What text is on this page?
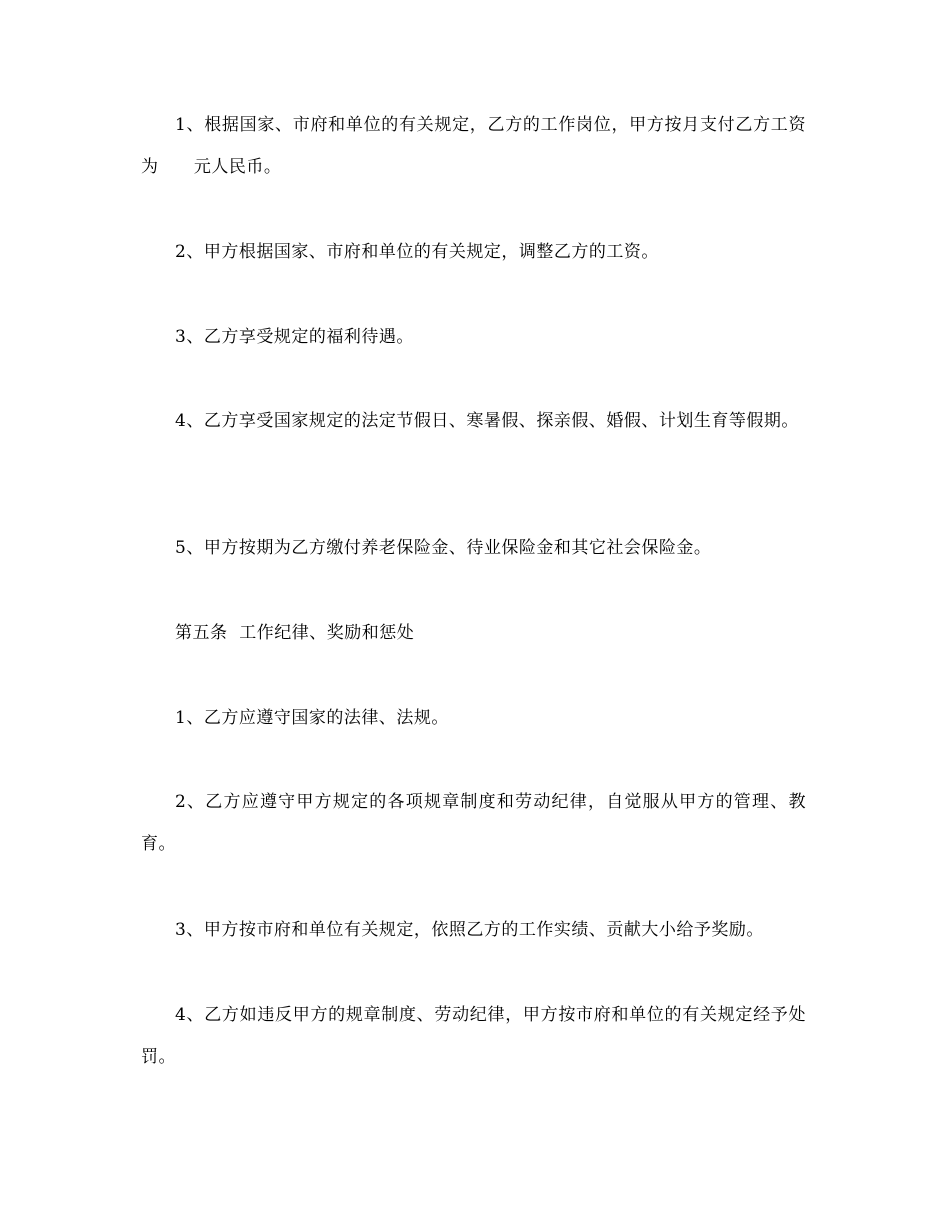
1、根据国家、市府和单位的有关规定，乙方的工作岗位，甲方按月支付乙方工资为      元人民币。

2、甲方根据国家、市府和单位的有关规定，调整乙方的工资。

3、乙方享受规定的福利待遇。

4、乙方享受国家规定的法定节假日、寒暑假、探亲假、婚假、计划生育等假期。

5、甲方按期为乙方缴付养老保险金、待业保险金和其它社会保险金。

第五条  工作纪律、奖励和惩处

1、乙方应遵守国家的法律、法规。

2、乙方应遵守甲方规定的各项规章制度和劳动纪律，自觉服从甲方的管理、教育。

3、甲方按市府和单位有关规定，依照乙方的工作实绩、贡献大小给予奖励。

4、乙方如违反甲方的规章制度、劳动纪律，甲方按市府和单位的有关规定经予处罚。
